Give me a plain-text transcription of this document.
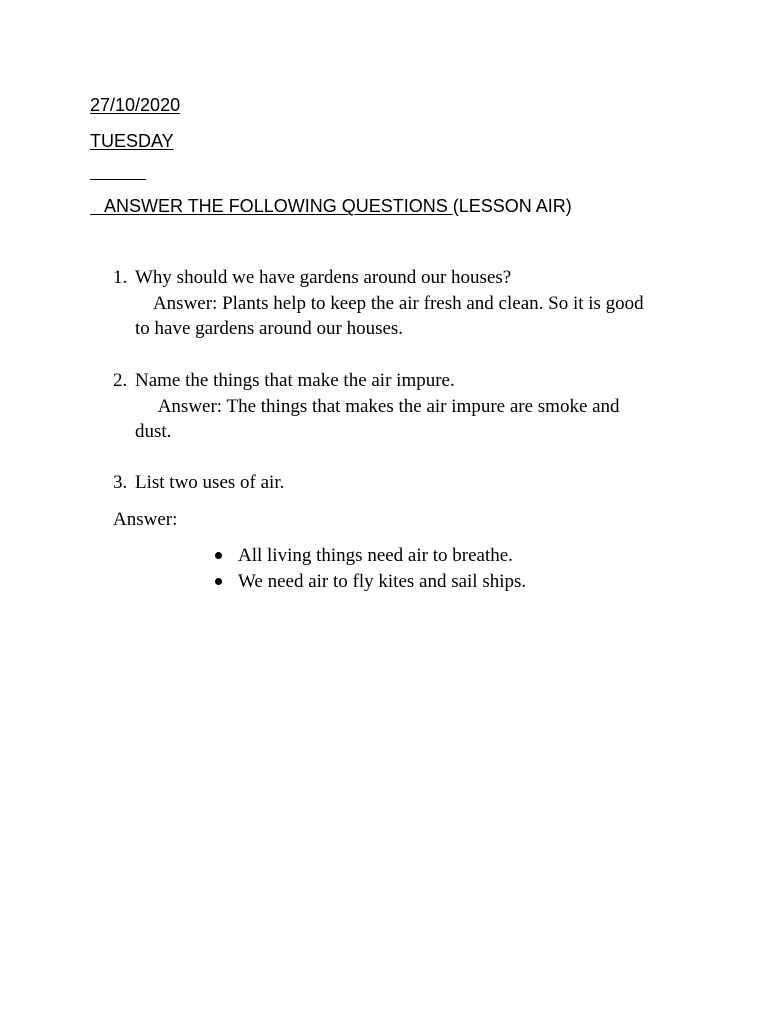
27/10/2020
TUESDAY
ANSWER THE FOLLOWING QUESTIONS (LESSON AIR)
1. Why should we have gardens around our houses?
Answer: Plants help to keep the air fresh and clean. So it is good
to have gardens around our houses.
2. Name the things that make the air impure.
Answer: The things that makes the air impure are smoke and
dust.
3. List two uses of air.
Answer:
All living things need air to breathe.
We need air to fly kites and sail ships.
